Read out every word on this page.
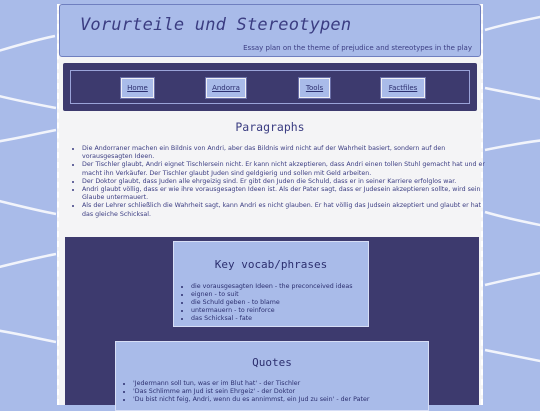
Vorurteile und Stereotypen
Essay plan on the theme of prejudice and stereotypes in the play
Home	Andorra	Tools	Factfiles
Paragraphs
• Die Andorraner machen ein Bildnis von Andri, aber das Bildnis wird nicht auf der Wahrheit basiert, sondern auf den vorausgesagten Ideen.
• Der Tischler glaubt, Andri eignet Tischlersein nicht. Er kann nicht akzeptieren, dass Andri einen tollen Stuhl gemacht hat und er macht ihn Verkäufer. Der Tischler glaubt Juden sind geldgierig und sollen mit Geld arbeiten.
• Der Doktor glaubt, dass Juden alle ehrgeizig sind. Er gibt den Juden die Schuld, dass er in seiner Karriere erfolglos war.
• Andri glaubt völlig, dass er wie ihre vorausgesagten Ideen ist. Als der Pater sagt, dass er Judesein akzeptieren sollte, wird sein Glaube untermauert.
• Als der Lehrer schließlich die Wahrheit sagt, kann Andri es nicht glauben. Er hat völlig das Judsein akzeptiert und glaubt er hat das gleiche Schicksal.
Key vocab/phrases
• die vorausgesagten Ideen - the preconceived ideas
• eignen - to suit
• die Schuld geben - to blame
• untermauern - to reinforce
• das Schicksal - fate
Quotes
• 'Jedermann soll tun, was er im Blut hat' - der Tischler
• 'Das Schlimme am Jud ist sein Ehrgeiz' - der Doktor
• 'Du bist nicht feig, Andri, wenn du es annimmst, ein Jud zu sein' - der Pater
